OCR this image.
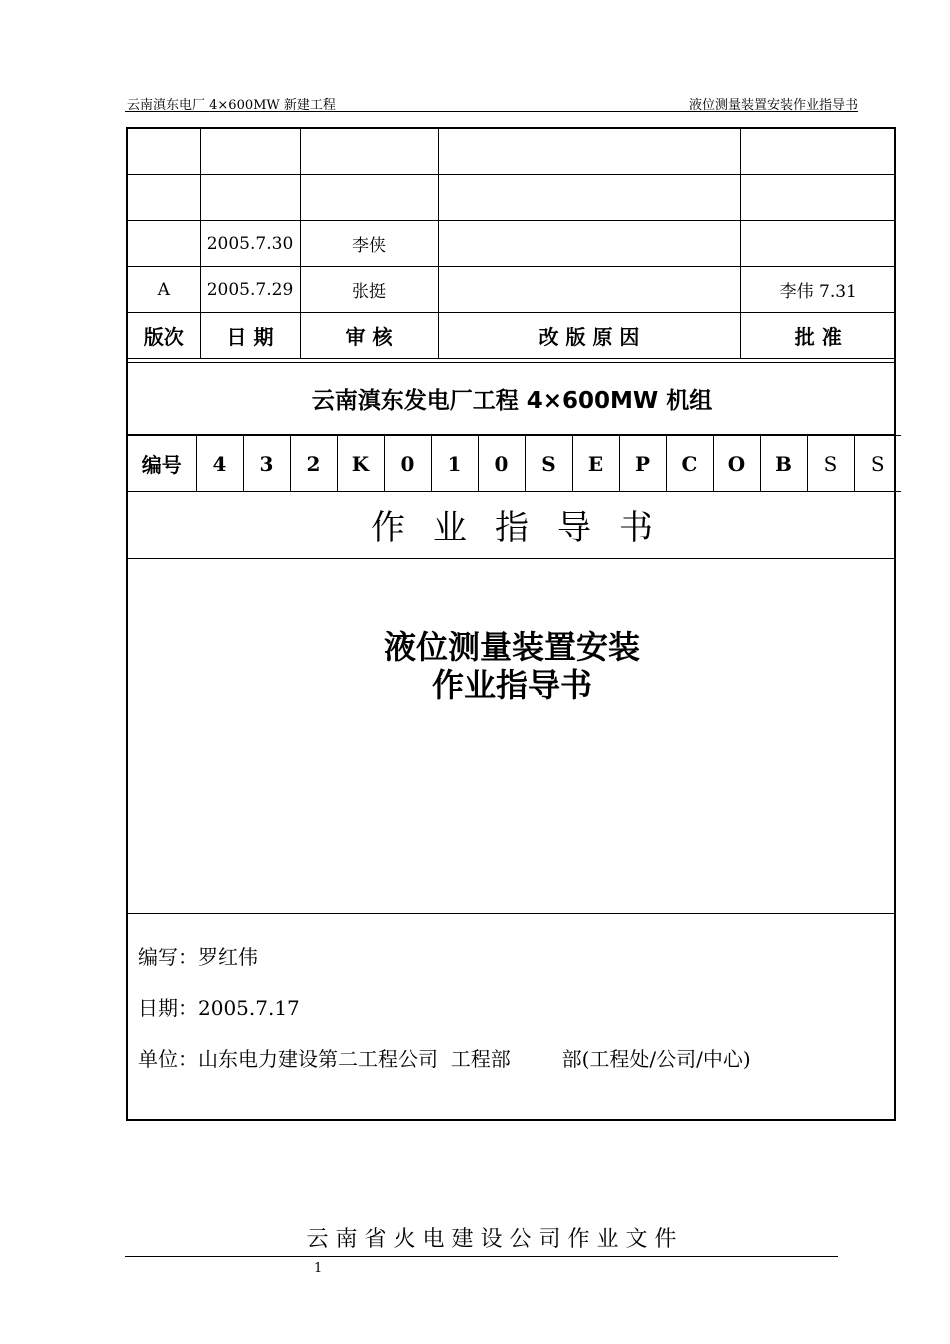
云南滇东电厂 4×600MW 新建工程	液位测量装置安装作业指导书

	2005.7.30	李侠		
A	2005.7.29	张挺		李伟 7.31
版次	日 期	审 核	改 版 原 因	批 准
云南滇东发电厂工程 4×600MW 机组
编号	4	3	2	K	0	1	0	S	E	P	C	O	B	S	S
作业指导书
液位测量装置安装
作业指导书
编写：罗红伟
日期：2005.7.17
单位：山东电力建设第二工程公司  工程部        部(工程处/公司/中心)
云南省火电建设公司作业文件
1
